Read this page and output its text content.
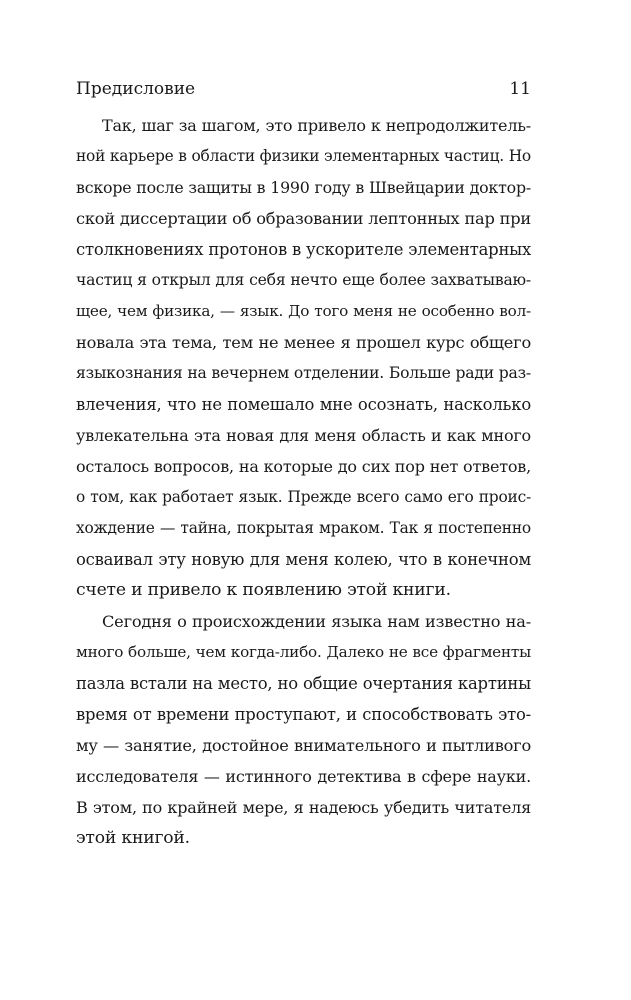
Предисловие	11
Так, шаг за шагом, это привело к непродолжитель-
ной карьере в области физики элементарных частиц. Но
вскоре после защиты в 1990 году в Швейцарии доктор-
ской диссертации об образовании лептонных пар при
столкновениях протонов в ускорителе элементарных
частиц я открыл для себя нечто еще более захватываю-
щее, чем физика, — язык. До того меня не особенно вол-
новала эта тема, тем не менее я прошел курс общего
языкознания на вечернем отделении. Больше ради раз-
влечения, что не помешало мне осознать, насколько
увлекательна эта новая для меня область и как много
осталось вопросов, на которые до сих пор нет ответов,
о том, как работает язык. Прежде всего само его проис-
хождение — тайна, покрытая мраком. Так я постепенно
осваивал эту новую для меня колею, что в конечном
счете и привело к появлению этой книги.
Сегодня о происхождении языка нам известно на-
много больше, чем когда-либо. Далеко не все фрагменты
пазла встали на место, но общие очертания картины
время от времени проступают, и способствовать это-
му — занятие, достойное внимательного и пытливого
исследователя — истинного детектива в сфере науки.
В этом, по крайней мере, я надеюсь убедить читателя
этой книгой.
